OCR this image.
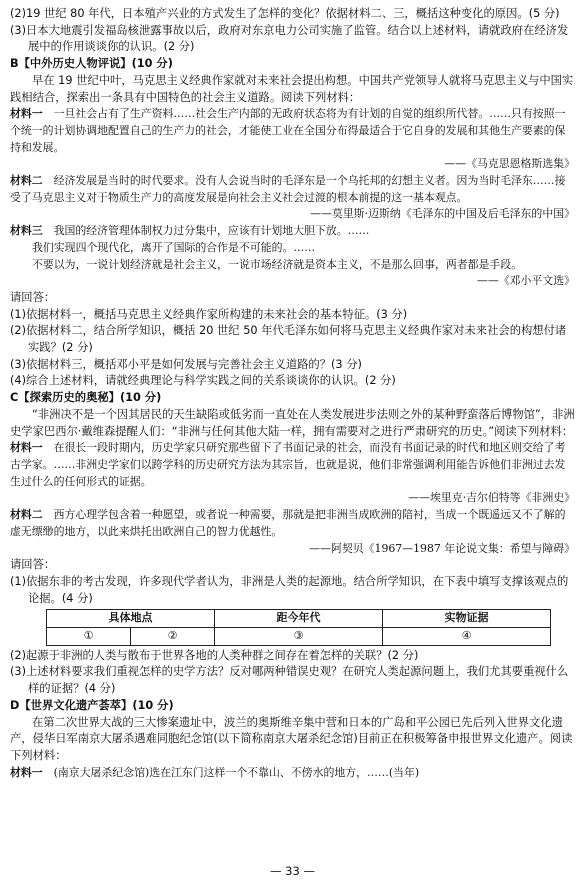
(2)19 世纪 80 年代，日本殖产兴业的方式发生了怎样的变化？依据材料二、三，概括这种变化的原因。(5 分)

(3)日本大地震引发福岛核泄露事故以后，政府对东京电力公司实施了监管。结合以上述材料，请就政府在经济发展中的作用谈谈你的认识。(2 分)

B【中外历史人物评说】(10 分)

早在 19 世纪中叶，马克思主义经典作家就对未来社会提出构想。中国共产党领导人就将马克思主义与中国实践相结合，探索出一条具有中国特色的社会主义道路。阅读下列材料：

材料一　 一旦社会占有了生产资料……社会生产内部的无政府状态将为有计划的自觉的组织所代替。……只有按照一个统一的计划协调地配置自己的生产力的社会，才能使工业在全国分布得最适合于它自身的发展和其他生产要素的保持和发展。

——《马克思恩格斯选集》

材料二　 经济发展是当时的时代要求。没有人会说当时的毛泽东是一个乌托邦的幻想主义者。因为当时毛泽东……接受了马克思主义对于物质生产力的高度发展是向社会主义社会过渡的根本前提的这一基本观点。

——莫里斯·迈斯纳《毛泽东的中国及后毛泽东的中国》

材料三　 我国的经济管理体制权力过分集中，应该有计划地大胆下放。……

我们实现四个现代化，离开了国际的合作是不可能的。……

不要以为，一说计划经济就是社会主义，一说市场经济就是资本主义，不是那么回事，两者都是手段。

——《邓小平文选》

请回答：

(1)依据材料一，概括马克思主义经典作家所构建的未来社会的基本特征。(3 分)

(2)依据材料二，结合所学知识，概括 20 世纪 50 年代毛泽东如何将马克思主义经典作家对未来社会的构想付诸实践？(2 分)

(3)依据材料三，概括邓小平是如何发展与完善社会主义道路的？(3 分)

(4)综合上述材料，请就经典理论与科学实践之间的关系谈谈你的认识。(2 分)

C【探索历史的奥秘】(10 分)

“非洲决不是一个因其居民的天生缺陷或低劣而一直处在人类发展进步法则之外的某种野蛮落后博物馆”，非洲史学家巴西尔·戴维森提醒人们：“非洲与任何其他大陆一样，拥有需要对之进行严肃研究的历史。”阅读下列材料：

材料一　 在很长一段时期内，历史学家只研究那些留下了书面记录的社会，而没有书面记录的时代和地区则交给了考古学家。……非洲史学家们以跨学科的历史研究方法为其宗旨，也就是说，他们非常强调利用能告诉他们非洲过去发生过什么的任何形式的证据。

——埃里克·吉尔伯特等《非洲史》

材料二　 西方心理学包含着一种愿望，或者说一种需要，那就是把非洲当成欧洲的陪衬，当成一个既遥远又不了解的虚无缥缈的地方，以此来烘托出欧洲自己的智力优越性。

——阿契贝《1967—1987 年论说文集：希望与障碍》

请回答：

(1)依据东非的考古发现，许多现代学者认为，非洲是人类的起源地。结合所学知识，在下表中填写支撑该观点的论据。(4 分)

具体地点		距今年代	实物证据
①	②	③	④

(2)起源于非洲的人类与散布于世界各地的人类种群之间存在着怎样的关联？(2 分)

(3)上述材料要求我们重视怎样的史学方法？反对哪两种错误史观？在研究人类起源问题上，我们尤其要重视什么样的证据？(4 分)

D【世界文化遗产荟萃】(10 分)

在第二次世界大战的三大惨案遗址中，波兰的奥斯维辛集中营和日本的广岛和平公园已先后列入世界文化遗产，侵华日军南京大屠杀遇难同胞纪念馆(以下简称南京大屠杀纪念馆)目前正在积极筹备申报世界文化遗产。阅读下列材料：

材料一　 (南京大屠杀纪念馆)选在江东门这样一个不靠山、不傍水的地方，……(当年)

— 33 —
